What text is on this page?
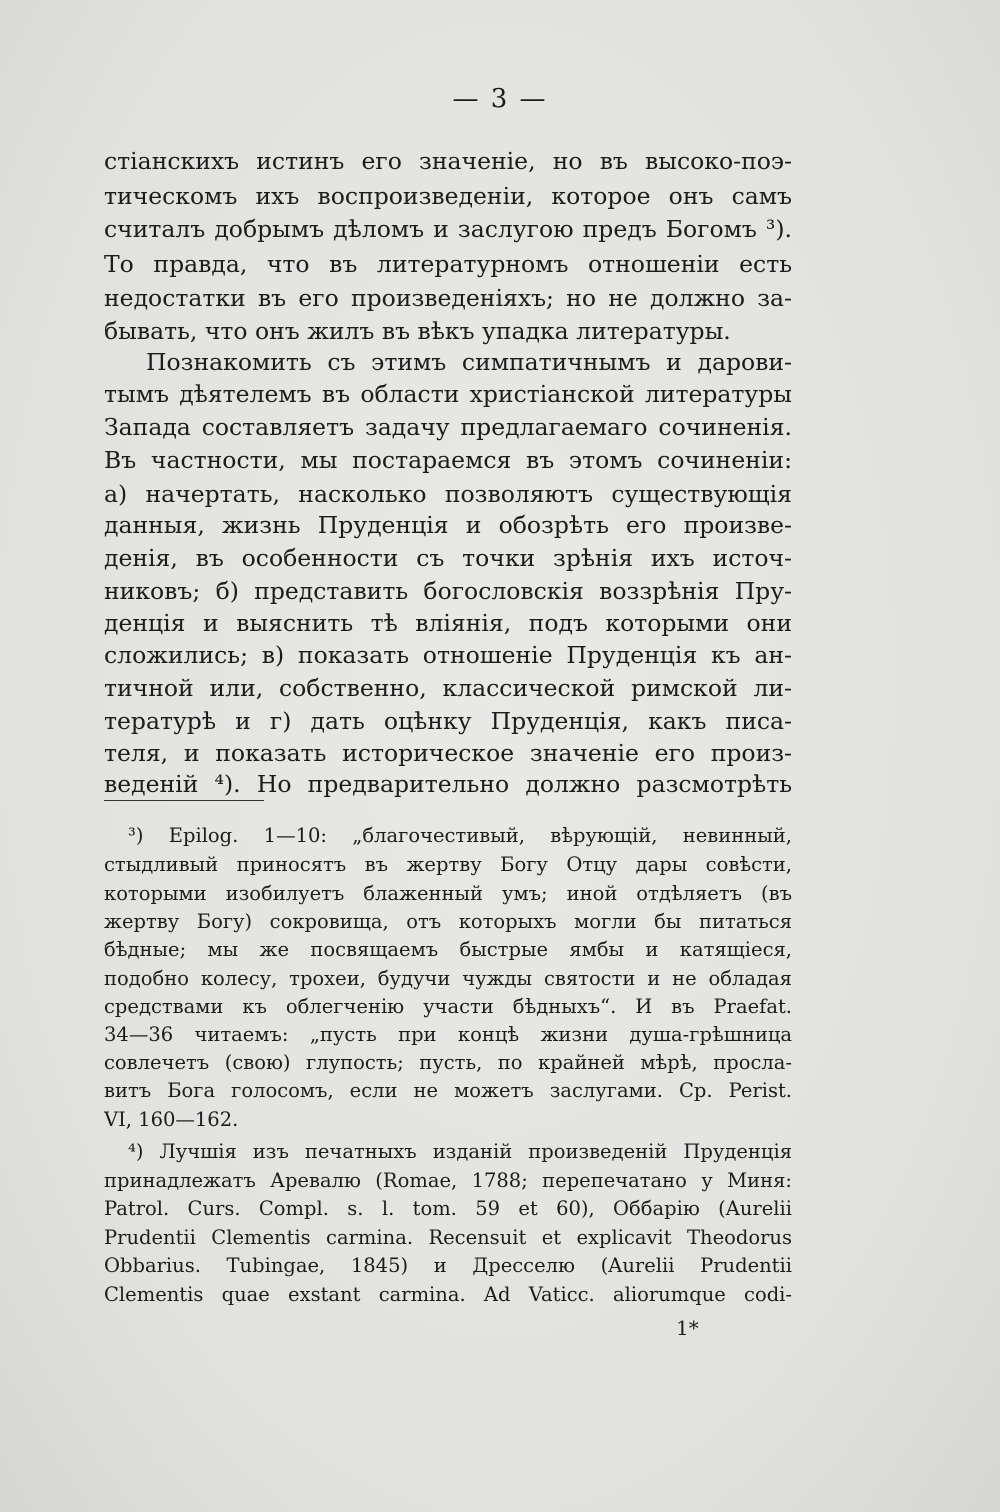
— 3 —
стіанскихъ истинъ его значеніе, но въ высоко-поэ-
тическомъ ихъ воспроизведеніи, которое онъ самъ
считалъ добрымъ дѣломъ и заслугою предъ Богомъ ³).
То правда, что въ литературномъ отношеніи есть
недостатки въ его произведеніяхъ; но не должно за-
бывать, что онъ жилъ въ вѣкъ упадка литературы.
Познакомить съ этимъ симпатичнымъ и дарови-
тымъ дѣятелемъ въ области христіанской литературы
Запада составляетъ задачу предлагаемаго сочиненія.
Въ частности, мы постараемся въ этомъ сочиненіи:
а) начертать, насколько позволяютъ существующія
данныя, жизнь Пруденція и обозрѣть его произве-
денія, въ особенности съ точки зрѣнія ихъ источ-
никовъ; б) представить богословскія воззрѣнія Пру-
денція и выяснить тѣ вліянія, подъ которыми они
сложились; в) показать отношеніе Пруденція къ ан-
тичной или, собственно, классической римской ли-
тературѣ и г) дать оцѣнку Пруденція, какъ писа-
теля, и показать историческое значеніе его произ-
веденій ⁴). Но предварительно должно разсмотрѣть
³) Epilog. 1—10: „благочестивый, вѣрующій, невинный,
стыдливый приносятъ въ жертву Богу Отцу дары совѣсти,
которыми изобилуетъ блаженный умъ; иной отдѣляетъ (въ
жертву Богу) сокровища, отъ которыхъ могли бы питаться
бѣдные; мы же посвящаемъ быстрые ямбы и катящіеся,
подобно колесу, трохеи, будучи чужды святости и не обладая
средствами къ облегченію участи бѣдныхъ“. И въ Praefat.
34—36 читаемъ: „пусть при концѣ жизни душа-грѣшница
совлечетъ (свою) глупость; пусть, по крайней мѣрѣ, просла-
витъ Бога голосомъ, если не можетъ заслугами. Cp. Perist.
VI, 160—162.
⁴) Лучшія изъ печатныхъ изданій произведеній Пруденція
принадлежатъ Аревалю (Romae, 1788; перепечатано у Миня:
Patrol. Curs. Compl. s. l. tom. 59 et 60), Оббарію (Aurelii
Prudentii Clementis carmina. Recensuit et explicavit Theodorus
Obbarius. Tubingae, 1845) и Дресселю (Aurelii Prudentii
Clementis quae exstant carmina. Ad Vaticc. aliorumque codi-
1*
